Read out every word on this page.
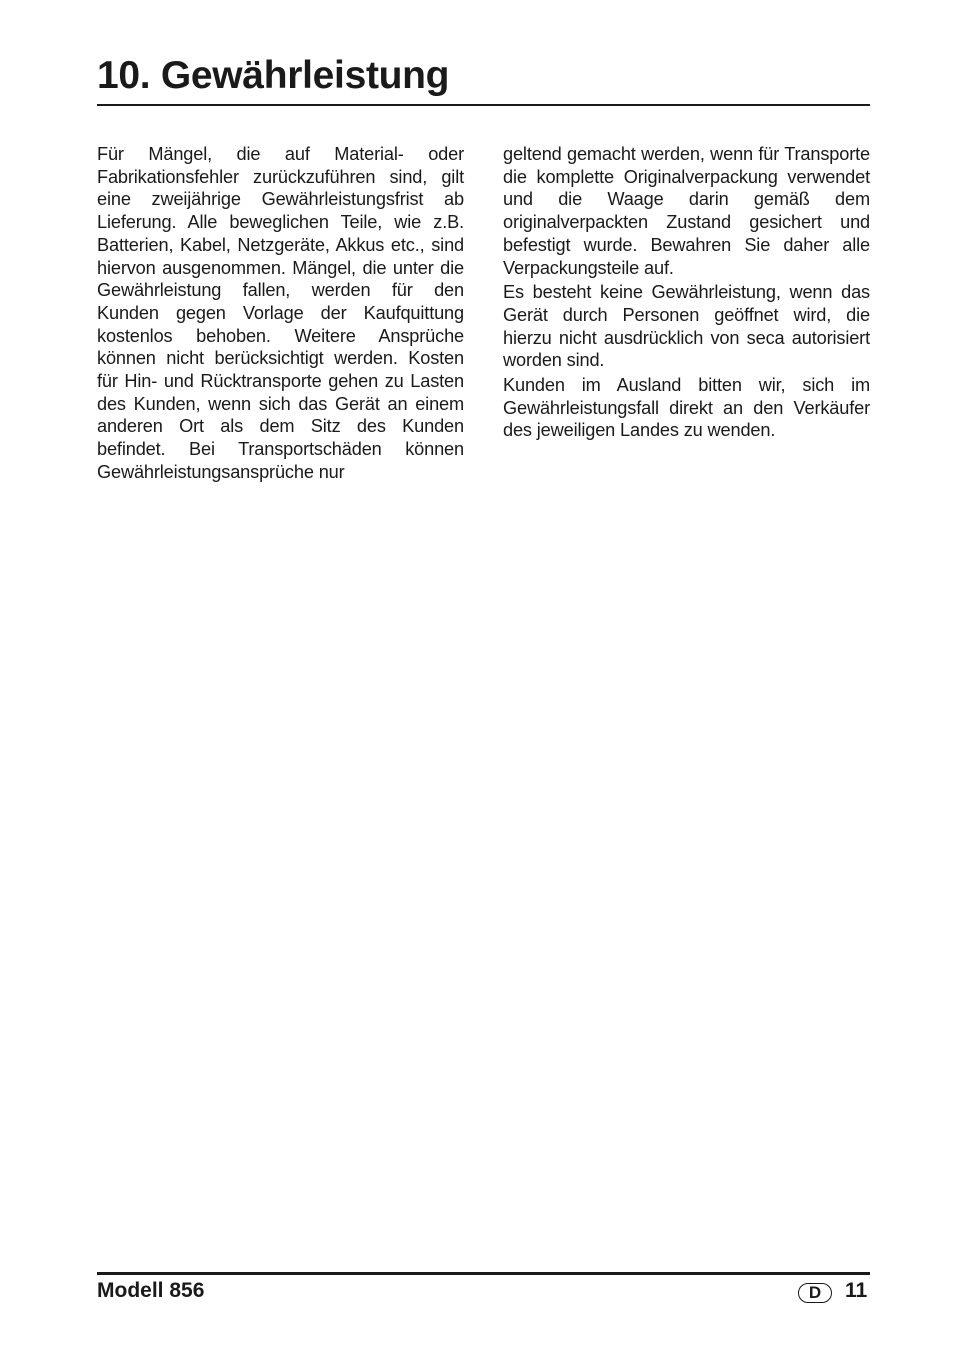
10. Gewährleistung

Für Mängel, die auf Material- oder Fabrikationsfehler zurückzuführen sind, gilt eine zweijährige Gewährleistungsfrist ab Lieferung. Alle beweglichen Teile, wie z.B. Batterien, Kabel, Netzgeräte, Akkus etc., sind hiervon ausgenommen. Mängel, die unter die Gewährleistung fallen, werden für den Kunden gegen Vorlage der Kaufquittung kostenlos behoben. Weitere Ansprüche können nicht berücksichtigt werden. Kosten für Hin- und Rücktransporte gehen zu Lasten des Kunden, wenn sich das Gerät an einem anderen Ort als dem Sitz des Kunden befindet. Bei Transportschäden können Gewährleistungsansprüche nur

geltend gemacht werden, wenn für Transporte die komplette Originalverpackung verwendet und die Waage darin gemäß dem originalverpackten Zustand gesichert und befestigt wurde. Bewahren Sie daher alle Verpackungsteile auf.

Es besteht keine Gewährleistung, wenn das Gerät durch Personen geöffnet wird, die hierzu nicht ausdrücklich von seca autorisiert worden sind.

Kunden im Ausland bitten wir, sich im Gewährleistungsfall direkt an den Verkäufer des jeweiligen Landes zu wenden.

Modell 856	D	11
